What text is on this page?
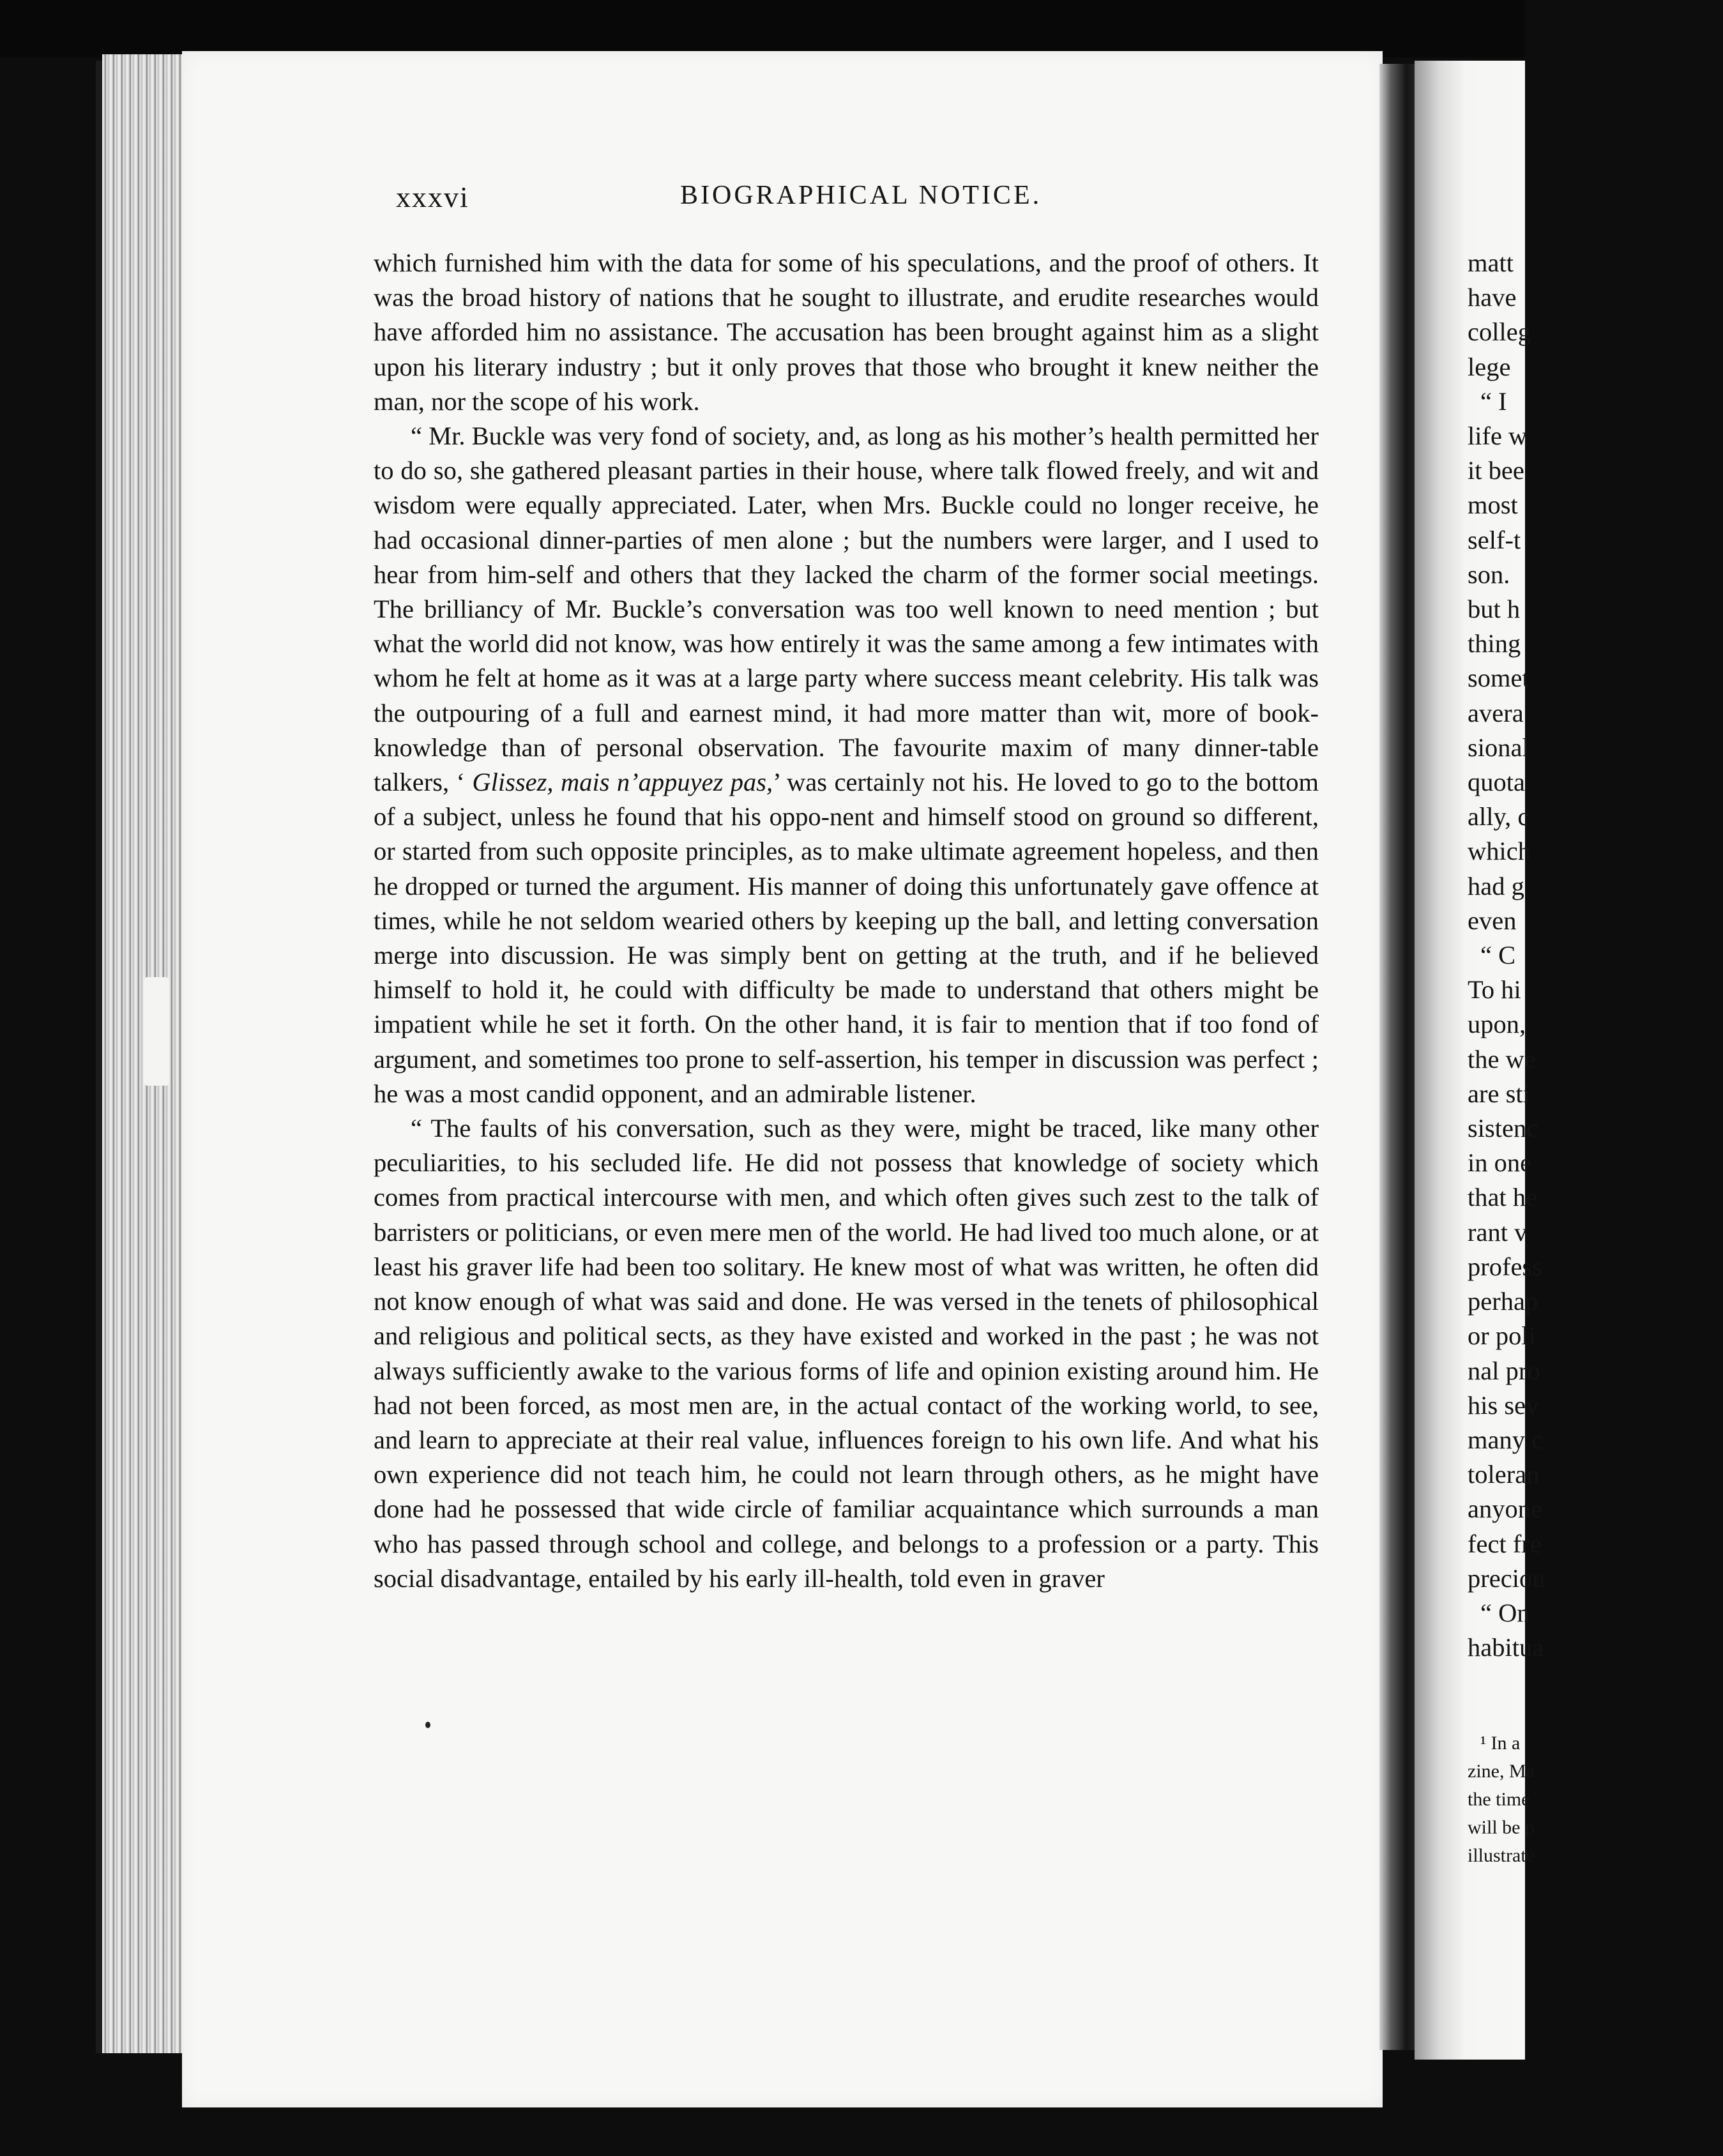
xxxvi	BIOGRAPHICAL NOTICE.

which furnished him with the data for some of his speculations, and the proof of others. It was the broad history of nations that he sought to illustrate, and erudite researches would have afforded him no assistance. The accusation has been brought against him as a slight upon his literary industry ; but it only proves that those who brought it knew neither the man, nor the scope of his work.

“ Mr. Buckle was very fond of society, and, as long as his mother’s health permitted her to do so, she gathered pleasant parties in their house, where talk flowed freely, and wit and wisdom were equally appreciated. Later, when Mrs. Buckle could no longer receive, he had occasional dinner-parties of men alone ; but the numbers were larger, and I used to hear from him-self and others that they lacked the charm of the former social meetings. The brilliancy of Mr. Buckle’s conversation was too well known to need mention ; but what the world did not know, was how entirely it was the same among a few intimates with whom he felt at home as it was at a large party where success meant celebrity. His talk was the outpouring of a full and earnest mind, it had more matter than wit, more of book-knowledge than of personal observation. The favourite maxim of many dinner-table talkers, ‘ Glissez, mais n’appuyez pas,’ was certainly not his. He loved to go to the bottom of a subject, unless he found that his oppo-nent and himself stood on ground so different, or started from such opposite principles, as to make ultimate agreement hopeless, and then he dropped or turned the argument. His manner of doing this unfortunately gave offence at times, while he not seldom wearied others by keeping up the ball, and letting conversation merge into discussion. He was simply bent on getting at the truth, and if he believed himself to hold it, he could with difficulty be made to understand that others might be impatient while he set it forth. On the other hand, it is fair to mention that if too fond of argument, and sometimes too prone to self-assertion, his temper in discussion was perfect ; he was a most candid opponent, and an admirable listener.

“ The faults of his conversation, such as they were, might be traced, like many other peculiarities, to his secluded life. He did not possess that knowledge of society which comes from practical intercourse with men, and which often gives such zest to the talk of barristers or politicians, or even mere men of the world. He had lived too much alone, or at least his graver life had been too solitary. He knew most of what was written, he often did not know enough of what was said and done. He was versed in the tenets of philosophical and religious and political sects, as they have existed and worked in the past ; he was not always sufficiently awake to the various forms of life and opinion existing around him. He had not been forced, as most men are, in the actual contact of the working world, to see, and learn to appreciate at their real value, influences foreign to his own life. And what his own experience did not teach him, he could not learn through others, as he might have done had he possessed that wide circle of familiar acquaintance which surrounds a man who has passed through school and college, and belongs to a profession or a party. This social disadvantage, entailed by his early ill-health, told even in graver

matt
have
colleg
lege
“ I
life w
it bee
most
self-t
son.
but h
thing
somet
avera
sional
quota
ally, c
which
had g
even
“ C
To hi
upon,
the we
are sti
sistenc
in one
that he
rant v
profess
perhap
or poli
nal pro
his sev
many c
toleran
anyone
fect fre
preciou
“ On
habitua
¹ In a
zine, Ma
the time
will be p
illustrate
